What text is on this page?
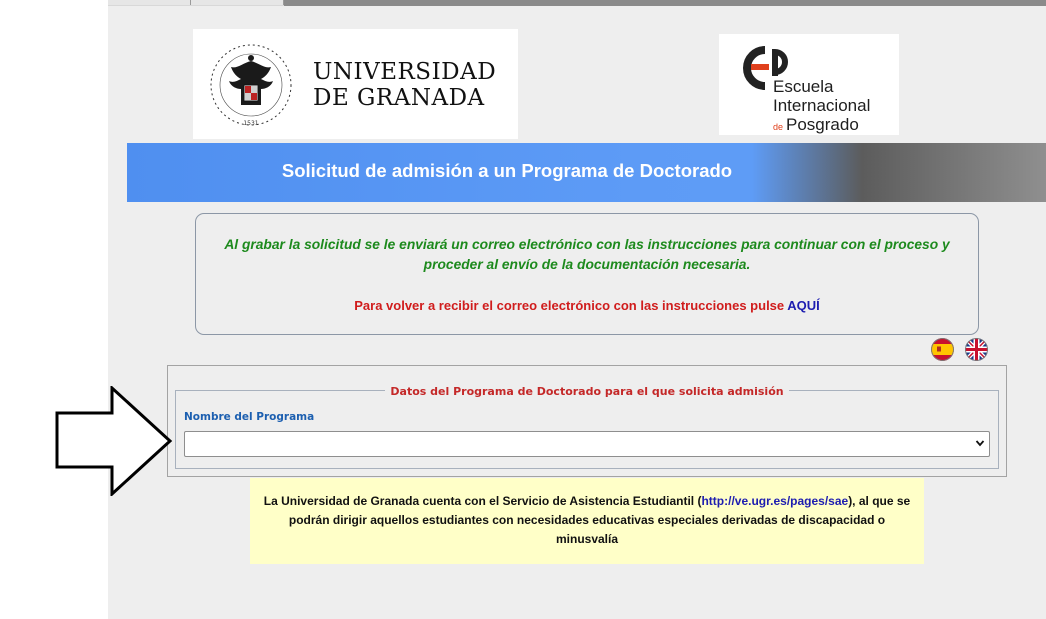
1531
UNIVERSIDAD
DE GRANADA	Escuela
Internacional
de Posgrado
Solicitud de admisión a un Programa de Doctorado
Al grabar la solicitud se le enviará un correo electrónico con las instrucciones para continuar con el proceso y proceder al envío de la documentación necesaria.
Para volver a recibir el correo electrónico con las instrucciones pulse AQUÍ
Datos del Programa de Doctorado para el que solicita admisión
Nombre del Programa

La Universidad de Granada cuenta con el Servicio de Asistencia Estudiantil (http://ve.ugr.es/pages/sae), al que se podrán dirigir aquellos estudiantes con necesidades educativas especiales derivadas de discapacidad o minusvalía
